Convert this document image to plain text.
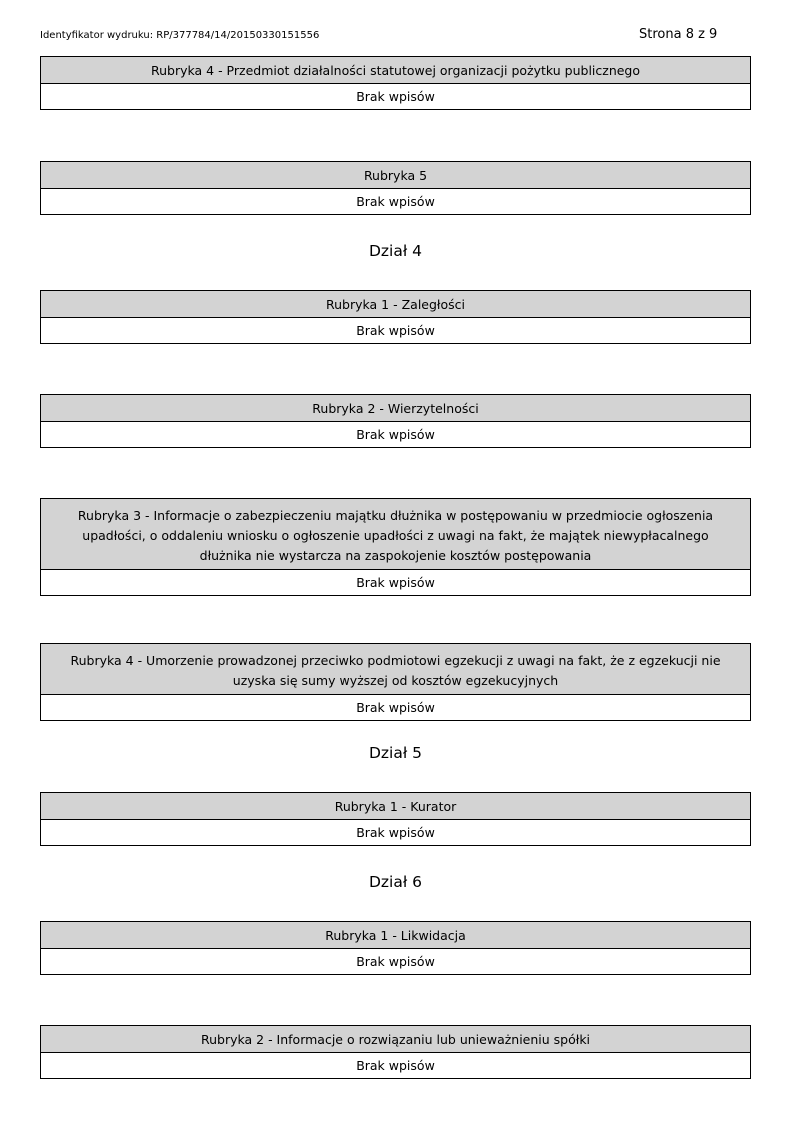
Identyfikator wydruku: RP/377784/14/20150330151556	Strona 8 z 9
Rubryka 4 - Przedmiot działalności statutowej organizacji pożytku publicznego
Brak wpisów
Rubryka 5
Brak wpisów
Dział 4
Rubryka 1 - Zaległości
Brak wpisów
Rubryka 2 - Wierzytelności
Brak wpisów
Rubryka 3 - Informacje o zabezpieczeniu majątku dłużnika w postępowaniu w przedmiocie ogłoszenia upadłości, o oddaleniu wniosku o ogłoszenie upadłości z uwagi na fakt, że majątek niewypłacalnego dłużnika nie wystarcza na zaspokojenie kosztów postępowania
Brak wpisów
Rubryka 4 - Umorzenie prowadzonej przeciwko podmiotowi egzekucji z uwagi na fakt, że z egzekucji nie uzyska się sumy wyższej od kosztów egzekucyjnych
Brak wpisów
Dział 5
Rubryka 1 - Kurator
Brak wpisów
Dział 6
Rubryka 1 - Likwidacja
Brak wpisów
Rubryka 2 - Informacje o rozwiązaniu lub unieważnieniu spółki
Brak wpisów
